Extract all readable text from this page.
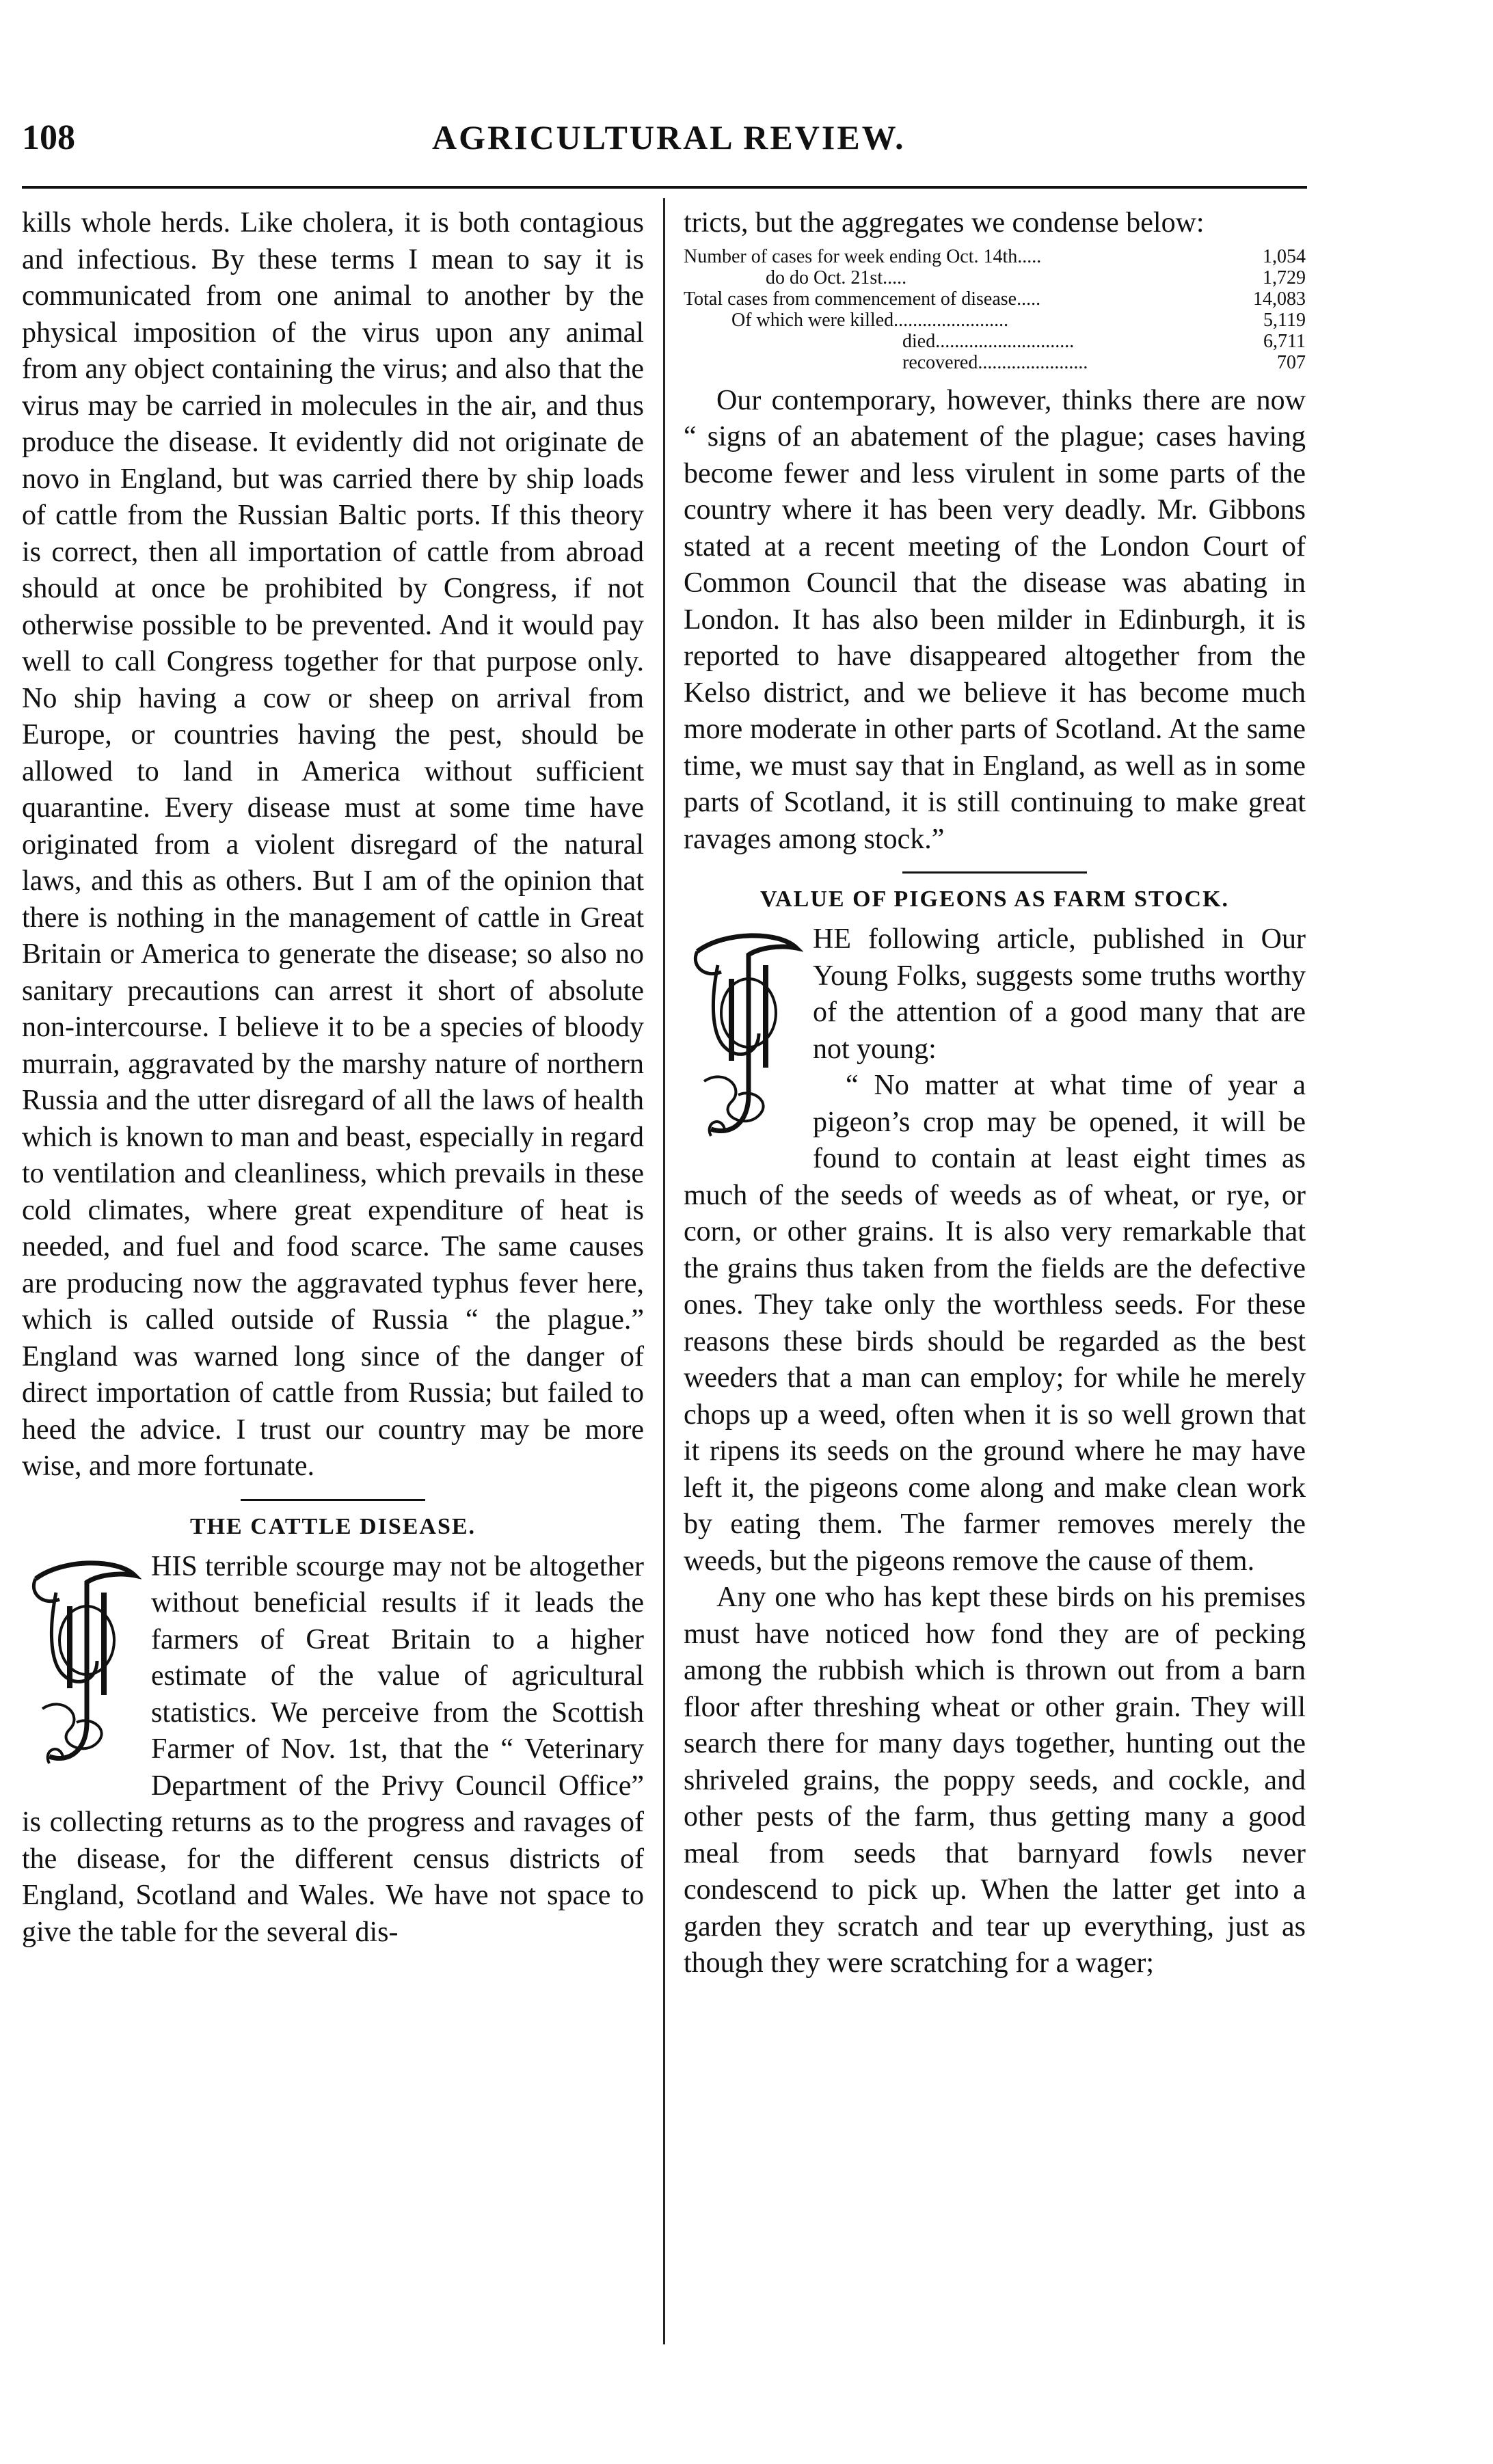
108	AGRICULTURAL REVIEW.

kills whole herds. Like cholera, it is both contagious and infectious. By these terms I mean to say it is communicated from one animal to another by the physical imposition of the virus upon any animal from any object containing the virus; and also that the virus may be carried in molecules in the air, and thus produce the disease. It evidently did not originate de novo in England, but was carried there by ship loads of cattle from the Russian Baltic ports. If this theory is correct, then all importation of cattle from abroad should at once be prohibited by Congress, if not otherwise possible to be prevented. And it would pay well to call Congress together for that purpose only. No ship having a cow or sheep on arrival from Europe, or countries having the pest, should be allowed to land in America without sufficient quarantine. Every disease must at some time have originated from a violent disregard of the natural laws, and this as others. But I am of the opinion that there is nothing in the management of cattle in Great Britain or America to generate the disease; so also no sanitary precautions can arrest it short of absolute non-intercourse. I believe it to be a species of bloody murrain, aggravated by the marshy nature of northern Russia and the utter disregard of all the laws of health which is known to man and beast, especially in regard to ventilation and cleanliness, which prevails in these cold climates, where great expenditure of heat is needed, and fuel and food scarce. The same causes are producing now the aggravated typhus fever here, which is called outside of Russia “ the plague.” England was warned long since of the danger of direct importation of cattle from Russia; but failed to heed the advice. I trust our country may be more wise, and more fortunate.

THE CATTLE DISEASE.

HIS terrible scourge may not be altogether without beneficial results if it leads the farmers of Great Britain to a higher estimate of the value of agricultural statistics. We perceive from the Scottish Farmer of Nov. 1st, that the “ Veterinary Department of the Privy Council Office” is collecting returns as to the progress and ravages of the disease, for the different census districts of England, Scotland and Wales. We have not space to give the table for the several dis-

tricts, but the aggregates we condense below:

Number of cases for week ending Oct. 14th.....	1,054
do do Oct. 21st.....	1,729
Total cases from commencement of disease.....	14,083
Of which were killed........................	5,119
died.............................	6,711
recovered.......................	707

Our contemporary, however, thinks there are now “ signs of an abatement of the plague; cases having become fewer and less virulent in some parts of the country where it has been very deadly. Mr. Gibbons stated at a recent meeting of the London Court of Common Council that the disease was abating in London. It has also been milder in Edinburgh, it is reported to have disappeared altogether from the Kelso district, and we believe it has become much more moderate in other parts of Scotland. At the same time, we must say that in England, as well as in some parts of Scotland, it is still continuing to make great ravages among stock.”

VALUE OF PIGEONS AS FARM STOCK.

HE following article, published in Our Young Folks, suggests some truths worthy of the attention of a good many that are not young:

“ No matter at what time of year a pigeon’s crop may be opened, it will be found to contain at least eight times as much of the seeds of weeds as of wheat, or rye, or corn, or other grains. It is also very remarkable that the grains thus taken from the fields are the defective ones. They take only the worthless seeds. For these reasons these birds should be regarded as the best weeders that a man can employ; for while he merely chops up a weed, often when it is so well grown that it ripens its seeds on the ground where he may have left it, the pigeons come along and make clean work by eating them. The farmer removes merely the weeds, but the pigeons remove the cause of them.

Any one who has kept these birds on his premises must have noticed how fond they are of pecking among the rubbish which is thrown out from a barn floor after threshing wheat or other grain. They will search there for many days together, hunting out the shriveled grains, the poppy seeds, and cockle, and other pests of the farm, thus getting many a good meal from seeds that barnyard fowls never condescend to pick up. When the latter get into a garden they scratch and tear up everything, just as though they were scratching for a wager;
